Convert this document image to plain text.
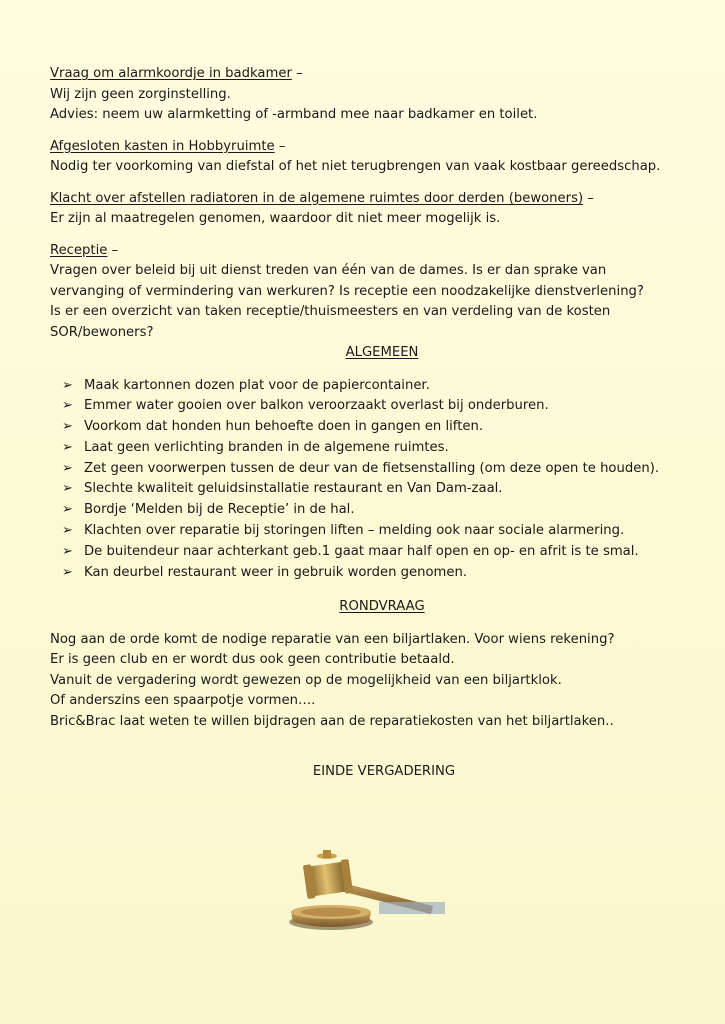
Vraag om alarmkoordje in badkamer –

Wij zijn geen zorginstelling.

Advies: neem uw alarmketting of -armband mee naar badkamer en toilet.

Afgesloten kasten in Hobbyruimte –

Nodig ter voorkoming van diefstal of het niet terugbrengen van vaak kostbaar gereedschap.

Klacht over afstellen radiatoren in de algemene ruimtes door derden (bewoners) –

Er zijn al maatregelen genomen, waardoor dit niet meer mogelijk is.

Receptie –

Vragen over beleid bij uit dienst treden van één van de dames. Is er dan sprake van

vervanging of vermindering van werkuren? Is receptie een noodzakelijke dienstverlening?

Is er een overzicht van taken receptie/thuismeesters en van verdeling van de kosten

SOR/bewoners?

ALGEMEEN

➢ Maak kartonnen dozen plat voor de papiercontainer.
➢ Emmer water gooien over balkon veroorzaakt overlast bij onderburen.
➢ Voorkom dat honden hun behoefte doen in gangen en liften.
➢ Laat geen verlichting branden in de algemene ruimtes.
➢ Zet geen voorwerpen tussen de deur van de fietsenstalling (om deze open te houden).
➢ Slechte kwaliteit geluidsinstallatie restaurant en Van Dam-zaal.
➢ Bordje ‘Melden bij de Receptie’ in de hal.
➢ Klachten over reparatie bij storingen liften – melding ook naar sociale alarmering.
➢ De buitendeur naar achterkant geb.1 gaat maar half open en op- en afrit is te smal.
➢ Kan deurbel restaurant weer in gebruik worden genomen.

RONDVRAAG

Nog aan de orde komt de nodige reparatie van een biljartlaken. Voor wiens rekening?

Er is geen club en er wordt dus ook geen contributie betaald.

Vanuit de vergadering wordt gewezen op de mogelijkheid van een biljartklok.

Of anderszins een spaarpotje vormen….

Bric&Brac laat weten te willen bijdragen aan de reparatiekosten van het biljartlaken..

EINDE VERGADERING
